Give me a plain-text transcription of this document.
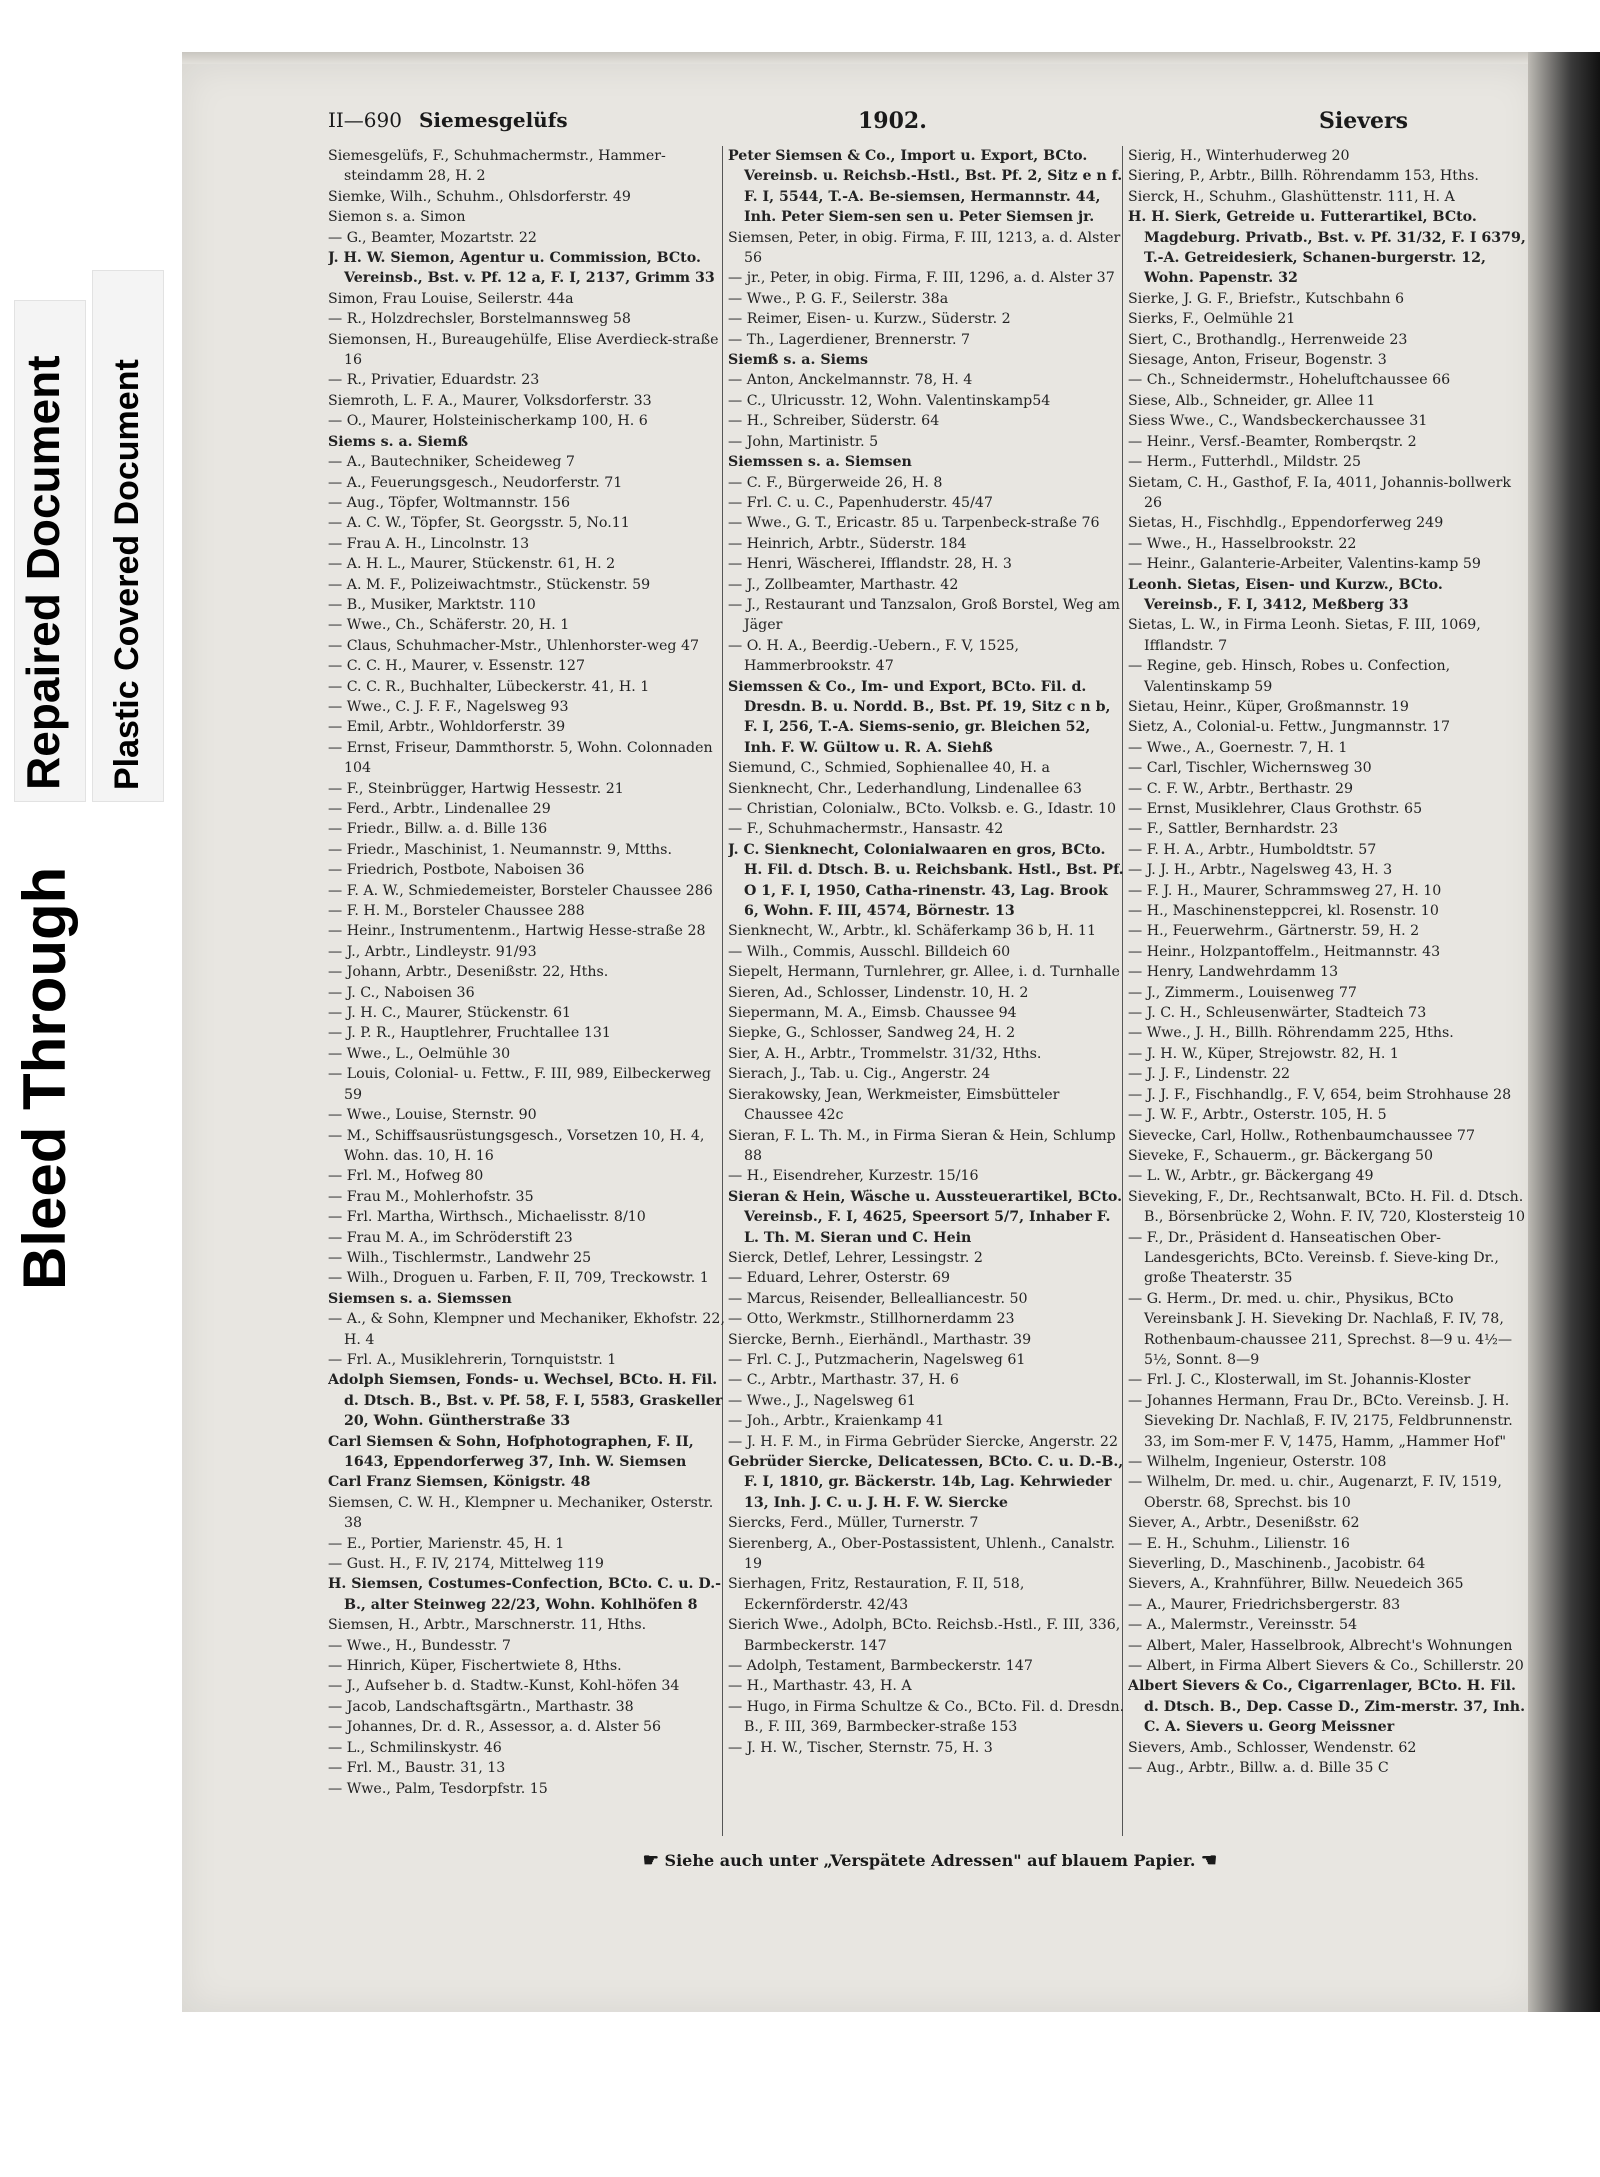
Bleed Through
Repaired Document Plastic Covered Document
II—690 Siemesgelüfs	1902.	Sievers

Siemesgelüfs, F., Schuhmachermstr., Hammer-steindamm 28, H. 2

Siemke, Wilh., Schuhm., Ohlsdorferstr. 49

Siemon s. a. Simon

— G., Beamter, Mozartstr. 22

J. H. W. Siemon, Agentur u. Commission, BCto. Vereinsb., Bst. v. Pf. 12 a, F. I, 2137, Grimm 33

Simon, Frau Louise, Seilerstr. 44a

— R., Holzdrechsler, Borstelmannsweg 58

Siemonsen, H., Bureaugehülfe, Elise Averdieck-straße 16

— R., Privatier, Eduardstr. 23

Siemroth, L. F. A., Maurer, Volksdorferstr. 33

— O., Maurer, Holsteinischerkamp 100, H. 6

Siems s. a. Siemß

— A., Bautechniker, Scheideweg 7

— A., Feuerungsgesch., Neudorferstr. 71

— Aug., Töpfer, Woltmannstr. 156

— A. C. W., Töpfer, St. Georgsstr. 5, No.11

— Frau A. H., Lincolnstr. 13

— A. H. L., Maurer, Stückenstr. 61, H. 2

— A. M. F., Polizeiwachtmstr., Stückenstr. 59

— B., Musiker, Marktstr. 110

— Wwe., Ch., Schäferstr. 20, H. 1

— Claus, Schuhmacher-Mstr., Uhlenhorster-weg 47

— C. C. H., Maurer, v. Essenstr. 127

— C. C. R., Buchhalter, Lübeckerstr. 41, H. 1

— Wwe., C. J. F. F., Nagelsweg 93

— Emil, Arbtr., Wohldorferstr. 39

— Ernst, Friseur, Dammthorstr. 5, Wohn. Colonnaden 104

— F., Steinbrügger, Hartwig Hessestr. 21

— Ferd., Arbtr., Lindenallee 29

— Friedr., Billw. a. d. Bille 136

— Friedr., Maschinist, 1. Neumannstr. 9, Mtths.

— Friedrich, Postbote, Naboisen 36

— F. A. W., Schmiedemeister, Borsteler Chaussee 286

— F. H. M., Borsteler Chaussee 288

— Heinr., Instrumentenm., Hartwig Hesse-straße 28

— J., Arbtr., Lindleystr. 91/93

— Johann, Arbtr., Desenißstr. 22, Hths.

— J. C., Naboisen 36

— J. H. C., Maurer, Stückenstr. 61

— J. P. R., Hauptlehrer, Fruchtallee 131

— Wwe., L., Oelmühle 30

— Louis, Colonial- u. Fettw., F. III, 989, Eilbeckerweg 59

— Wwe., Louise, Sternstr. 90

— M., Schiffsausrüstungsgesch., Vorsetzen 10, H. 4, Wohn. das. 10, H. 16

— Frl. M., Hofweg 80

— Frau M., Mohlerhofstr. 35

— Frl. Martha, Wirthsch., Michaelisstr. 8/10

— Frau M. A., im Schröderstift 23

— Wilh., Tischlermstr., Landwehr 25

— Wilh., Droguen u. Farben, F. II, 709, Treckowstr. 1

Siemsen s. a. Siemssen

— A., & Sohn, Klempner und Mechaniker, Ekhofstr. 22, H. 4

— Frl. A., Musiklehrerin, Tornquiststr. 1

Adolph Siemsen, Fonds- u. Wechsel, BCto. H. Fil. d. Dtsch. B., Bst. v. Pf. 58, F. I, 5583, Graskeller 20, Wohn. Güntherstraße 33

Carl Siemsen & Sohn, Hofphotographen, F. II, 1643, Eppendorferweg 37, Inh. W. Siemsen

Carl Franz Siemsen, Königstr. 48

Siemsen, C. W. H., Klempner u. Mechaniker, Osterstr. 38

— E., Portier, Marienstr. 45, H. 1

— Gust. H., F. IV, 2174, Mittelweg 119

H. Siemsen, Costumes-Confection, BCto. C. u. D.-B., alter Steinweg 22/23, Wohn. Kohlhöfen 8

Siemsen, H., Arbtr., Marschnerstr. 11, Hths.

— Wwe., H., Bundesstr. 7

— Hinrich, Küper, Fischertwiete 8, Hths.

— J., Aufseher b. d. Stadtw.-Kunst, Kohl-höfen 34

— Jacob, Landschaftsgärtn., Marthastr. 38

— Johannes, Dr. d. R., Assessor, a. d. Alster 56

— L., Schmilinskystr. 46

— Frl. M., Baustr. 31, 13

— Wwe., Palm, Tesdorpfstr. 15

Peter Siemsen & Co., Import u. Export, BCto. Vereinsb. u. Reichsb.-Hstl., Bst. Pf. 2, Sitz e n f. F. I, 5544, T.-A. Be-siemsen, Hermannstr. 44, Inh. Peter Siem-sen sen u. Peter Siemsen jr.

Siemsen, Peter, in obig. Firma, F. III, 1213, a. d. Alster 56

— jr., Peter, in obig. Firma, F. III, 1296, a. d. Alster 37

— Wwe., P. G. F., Seilerstr. 38a

— Reimer, Eisen- u. Kurzw., Süderstr. 2

— Th., Lagerdiener, Brennerstr. 7

Siemß s. a. Siems

— Anton, Anckelmannstr. 78, H. 4

— C., Ulricusstr. 12, Wohn. Valentinskamp54

— H., Schreiber, Süderstr. 64

— John, Martinistr. 5

Siemssen s. a. Siemsen

— C. F., Bürgerweide 26, H. 8

— Frl. C. u. C., Papenhuderstr. 45/47

— Wwe., G. T., Ericastr. 85 u. Tarpenbeck-straße 76

— Heinrich, Arbtr., Süderstr. 184

— Henri, Wäscherei, Ifflandstr. 28, H. 3

— J., Zollbeamter, Marthastr. 42

— J., Restaurant und Tanzsalon, Groß Borstel, Weg am Jäger

— O. H. A., Beerdig.-Uebern., F. V, 1525, Hammerbrookstr. 47

Siemssen & Co., Im- und Export, BCto. Fil. d. Dresdn. B. u. Nordd. B., Bst. Pf. 19, Sitz c n b, F. I, 256, T.-A. Siems-senio, gr. Bleichen 52, Inh. F. W. Gültow u. R. A. Siehß

Siemund, C., Schmied, Sophienallee 40, H. a

Sienknecht, Chr., Lederhandlung, Lindenallee 63

— Christian, Colonialw., BCto. Volksb. e. G., Idastr. 10

— F., Schuhmachermstr., Hansastr. 42

J. C. Sienknecht, Colonialwaaren en gros, BCto. H. Fil. d. Dtsch. B. u. Reichsbank. Hstl., Bst. Pf. O 1, F. I, 1950, Catha-rinenstr. 43, Lag. Brook 6, Wohn. F. III, 4574, Börnestr. 13

Sienknecht, W., Arbtr., kl. Schäferkamp 36 b, H. 11

— Wilh., Commis, Ausschl. Billdeich 60

Siepelt, Hermann, Turnlehrer, gr. Allee, i. d. Turnhalle

Sieren, Ad., Schlosser, Lindenstr. 10, H. 2

Siepermann, M. A., Eimsb. Chaussee 94

Siepke, G., Schlosser, Sandweg 24, H. 2

Sier, A. H., Arbtr., Trommelstr. 31/32, Hths.

Sierach, J., Tab. u. Cig., Angerstr. 24

Sierakowsky, Jean, Werkmeister, Eimsbütteler Chaussee 42c

Sieran, F. L. Th. M., in Firma Sieran & Hein, Schlump 88

— H., Eisendreher, Kurzestr. 15/16

Sieran & Hein, Wäsche u. Aussteuerartikel, BCto. Vereinsb., F. I, 4625, Speersort 5/7, Inhaber F. L. Th. M. Sieran und C. Hein

Sierck, Detlef, Lehrer, Lessingstr. 2

— Eduard, Lehrer, Osterstr. 69

— Marcus, Reisender, Bellealliancestr. 50

— Otto, Werkmstr., Stillhornerdamm 23

Siercke, Bernh., Eierhändl., Marthastr. 39

— Frl. C. J., Putzmacherin, Nagelsweg 61

— C., Arbtr., Marthastr. 37, H. 6

— Wwe., J., Nagelsweg 61

— Joh., Arbtr., Kraienkamp 41

— J. H. F. M., in Firma Gebrüder Siercke, Angerstr. 22

Gebrüder Siercke, Delicatessen, BCto. C. u. D.-B., F. I, 1810, gr. Bäckerstr. 14b, Lag. Kehrwieder 13, Inh. J. C. u. J. H. F. W. Siercke

Siercks, Ferd., Müller, Turnerstr. 7

Sierenberg, A., Ober-Postassistent, Uhlenh., Canalstr. 19

Sierhagen, Fritz, Restauration, F. II, 518, Eckernförderstr. 42/43

Sierich Wwe., Adolph, BCto. Reichsb.-Hstl., F. III, 336, Barmbeckerstr. 147

— Adolph, Testament, Barmbeckerstr. 147

— H., Marthastr. 43, H. A

— Hugo, in Firma Schultze & Co., BCto. Fil. d. Dresdn. B., F. III, 369, Barmbecker-straße 153

— J. H. W., Tischer, Sternstr. 75, H. 3

Sierig, H., Winterhuderweg 20

Siering, P., Arbtr., Billh. Röhrendamm 153, Hths.

Sierck, H., Schuhm., Glashüttenstr. 111, H. A

H. H. Sierk, Getreide u. Futterartikel, BCto. Magdeburg. Privatb., Bst. v. Pf. 31/32, F. I 6379, T.-A. Getreidesierk, Schanen-burgerstr. 12, Wohn. Papenstr. 32

Sierke, J. G. F., Briefstr., Kutschbahn 6

Sierks, F., Oelmühle 21

Siert, C., Brothandlg., Herrenweide 23

Siesage, Anton, Friseur, Bogenstr. 3

— Ch., Schneidermstr., Hoheluftchaussee 66

Siese, Alb., Schneider, gr. Allee 11

Siess Wwe., C., Wandsbeckerchaussee 31

— Heinr., Versf.-Beamter, Romberqstr. 2

— Herm., Futterhdl., Mildstr. 25

Sietam, C. H., Gasthof, F. Ia, 4011, Johannis-bollwerk 26

Sietas, H., Fischhdlg., Eppendorferweg 249

— Wwe., H., Hasselbrookstr. 22

— Heinr., Galanterie-Arbeiter, Valentins-kamp 59

Leonh. Sietas, Eisen- und Kurzw., BCto. Vereinsb., F. I, 3412, Meßberg 33

Sietas, L. W., in Firma Leonh. Sietas, F. III, 1069, Ifflandstr. 7

— Regine, geb. Hinsch, Robes u. Confection, Valentinskamp 59

Sietau, Heinr., Küper, Großmannstr. 19

Sietz, A., Colonial-u. Fettw., Jungmannstr. 17

— Wwe., A., Goernestr. 7, H. 1

— Carl, Tischler, Wichernsweg 30

— C. F. W., Arbtr., Berthastr. 29

— Ernst, Musiklehrer, Claus Grothstr. 65

— F., Sattler, Bernhardstr. 23

— F. H. A., Arbtr., Humboldtstr. 57

— J. J. H., Arbtr., Nagelsweg 43, H. 3

— F. J. H., Maurer, Schrammsweg 27, H. 10

— H., Maschinensteppcrei, kl. Rosenstr. 10

— H., Feuerwehrm., Gärtnerstr. 59, H. 2

— Heinr., Holzpantoffelm., Heitmannstr. 43

— Henry, Landwehrdamm 13

— J., Zimmerm., Louisenweg 77

— J. C. H., Schleusenwärter, Stadteich 73

— Wwe., J. H., Billh. Röhrendamm 225, Hths.

— J. H. W., Küper, Strejowstr. 82, H. 1

— J. J. F., Lindenstr. 22

— J. J. F., Fischhandlg., F. V, 654, beim Strohhause 28

— J. W. F., Arbtr., Osterstr. 105, H. 5

Sievecke, Carl, Hollw., Rothenbaumchaussee 77

Sieveke, F., Schauerm., gr. Bäckergang 50

— L. W., Arbtr., gr. Bäckergang 49

Sieveking, F., Dr., Rechtsanwalt, BCto. H. Fil. d. Dtsch. B., Börsenbrücke 2, Wohn. F. IV, 720, Klostersteig 10

— F., Dr., Präsident d. Hanseatischen Ober-Landesgerichts, BCto. Vereinsb. f. Sieve-king Dr., große Theaterstr. 35

— G. Herm., Dr. med. u. chir., Physikus, BCto Vereinsbank J. H. Sieveking Dr. Nachlaß, F. IV, 78, Rothenbaum-chaussee 211, Sprechst. 8—9 u. 4½—5½, Sonnt. 8—9

— Frl. J. C., Klosterwall, im St. Johannis-Kloster

— Johannes Hermann, Frau Dr., BCto. Vereinsb. J. H. Sieveking Dr. Nachlaß, F. IV, 2175, Feldbrunnenstr. 33, im Som-mer F. V, 1475, Hamm, „Hammer Hof"

— Wilhelm, Ingenieur, Osterstr. 108

— Wilhelm, Dr. med. u. chir., Augenarzt, F. IV, 1519, Oberstr. 68, Sprechst. bis 10

Siever, A., Arbtr., Desenißstr. 62

— E. H., Schuhm., Lilienstr. 16

Sieverling, D., Maschinenb., Jacobistr. 64

Sievers, A., Krahnführer, Billw. Neuedeich 365

— A., Maurer, Friedrichsbergerstr. 83

— A., Malermstr., Vereinsstr. 54

— Albert, Maler, Hasselbrook, Albrecht's Wohnungen

— Albert, in Firma Albert Sievers & Co., Schillerstr. 20

Albert Sievers & Co., Cigarrenlager, BCto. H. Fil. d. Dtsch. B., Dep. Casse D., Zim-merstr. 37, Inh. C. A. Sievers u. Georg Meissner

Sievers, Amb., Schlosser, Wendenstr. 62

— Aug., Arbtr., Billw. a. d. Bille 35 C

☛ Siehe auch unter „Verspätete Adressen" auf blauem Papier. ☚
